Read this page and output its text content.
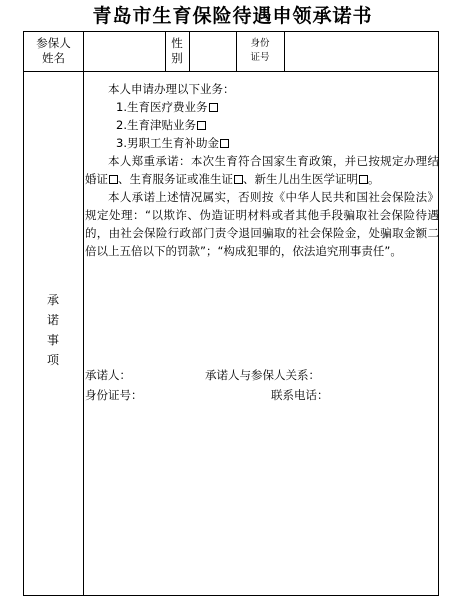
青岛市生育保险待遇申领承诺书
参保人
姓名
性
别
身份
证号
承
诺
事
项

本人申请办理以下业务：

1.生育医疗费业务

2.生育津贴业务

3.男职工生育补助金

本人郑重承诺：本次生育符合国家生育政策，并已按规定办理结婚证 、生育服务证或准生证 、新生儿出生医学证明 。

本人承诺上述情况属实，否则按《中华人民共和国社会保险法》规定处理：“以欺诈、伪造证明材料或者其他手段骗取社会保险待遇的，由社会保险行政部门责令退回骗取的社会保险金，处骗取金额二倍以上五倍以下的罚款”；“构成犯罪的，依法追究刑事责任”。

承诺人：	承诺人与参保人关系：
身份证号：	联系电话：
